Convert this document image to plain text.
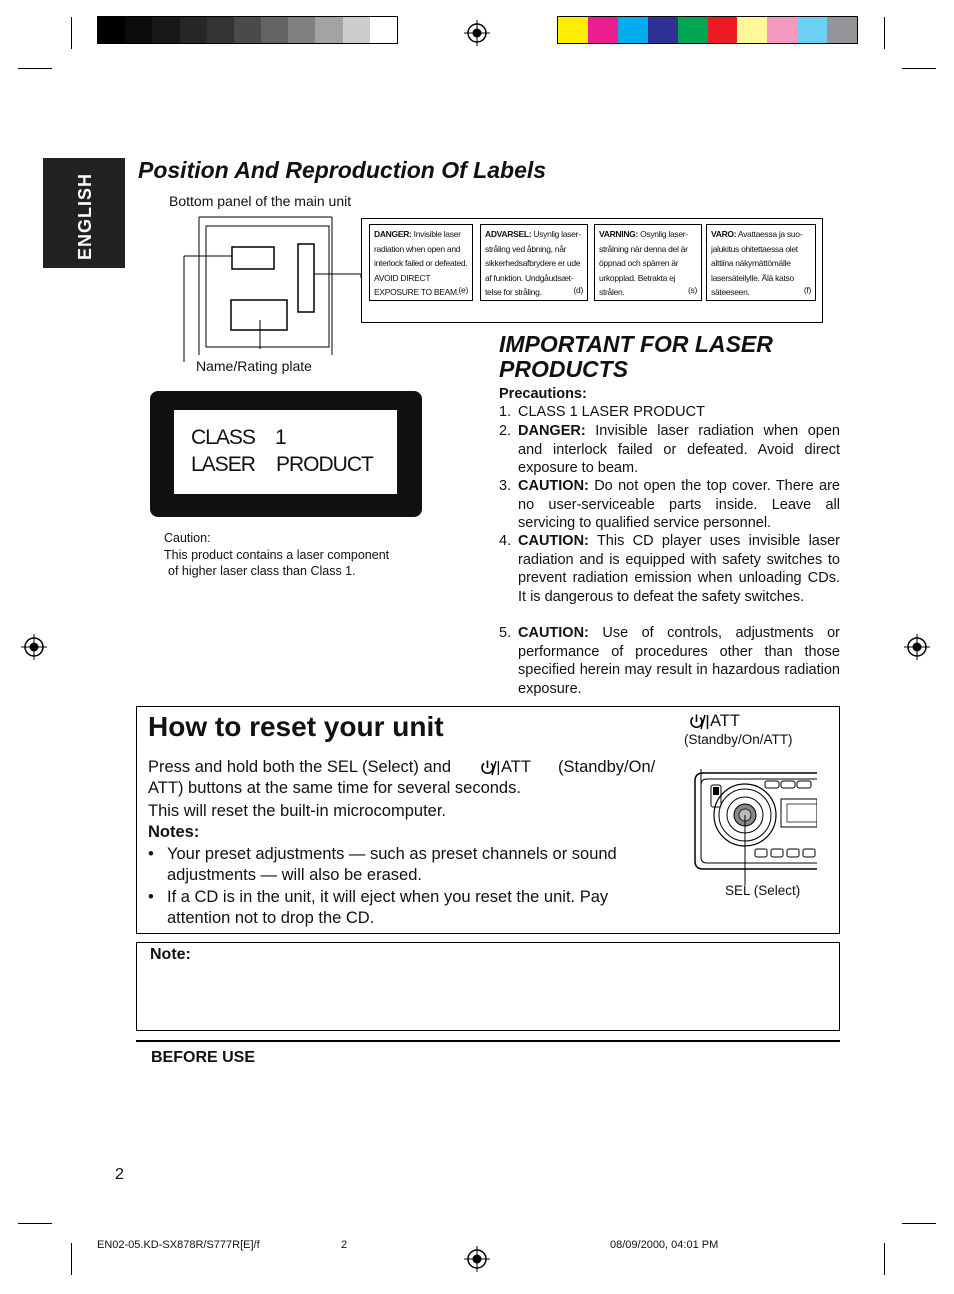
ENGLISH
Position And Reproduction Of Labels
Bottom panel of the main unit
DANGER: Invisible laser radiation when open and interlock failed or defeated. AVOID DIRECT EXPOSURE TO BEAM. (e)
ADVARSEL: Usynlig laser-stråling ved åbning, når sikkerhedsafbrydere er ude af funktion. Undgåudsæt-telse for stråling.	(d)
VARNING: Osynlig laser-strålning när denna del är öppnad och spärren är urkopplad. Betrakta ej strålen.	(s)
VARO: Avattaessa ja suo-jalukitus ohitettaessa olet alttiina näkymättömälle lasersäteilylle. Älä katso säteeseen.	(f)
Name/Rating plate
CLASS 1
LASER PRODUCT
Caution:
This product contains a laser component
of higher laser class than Class 1.
IMPORTANT FOR LASER
PRODUCTS
Precautions:
1. CLASS 1 LASER PRODUCT
2. DANGER: Invisible laser radiation when open and interlock failed or defeated. Avoid direct exposure to beam.
3. CAUTION: Do not open the top cover. There are no user-serviceable parts inside. Leave all servicing to qualified service personnel.
4. CAUTION: This CD player uses invisible laser radiation and is equipped with safety switches to prevent radiation emission when unloading CDs. It is dangerous to defeat the safety switches.
5. CAUTION: Use of controls, adjustments or performance of procedures other than those specified herein may result in hazardous radiation exposure.
How to reset your unit
Press and hold both the SEL (Select) and	ATT (Standby/On/
ATT) buttons at the same time for several seconds.
This will reset the built-in microcomputer.
Notes:
• Your preset adjustments — such as preset channels or sound adjustments — will also be erased.
• If a CD is in the unit, it will eject when you reset the unit. Pay attention not to drop the CD.
ATT
(Standby/On/ATT)
SEL (Select)
Note:
BEFORE USE
2
EN02-05.KD-SX878R/S777R[E]/f	2	08/09/2000, 04:01 PM
